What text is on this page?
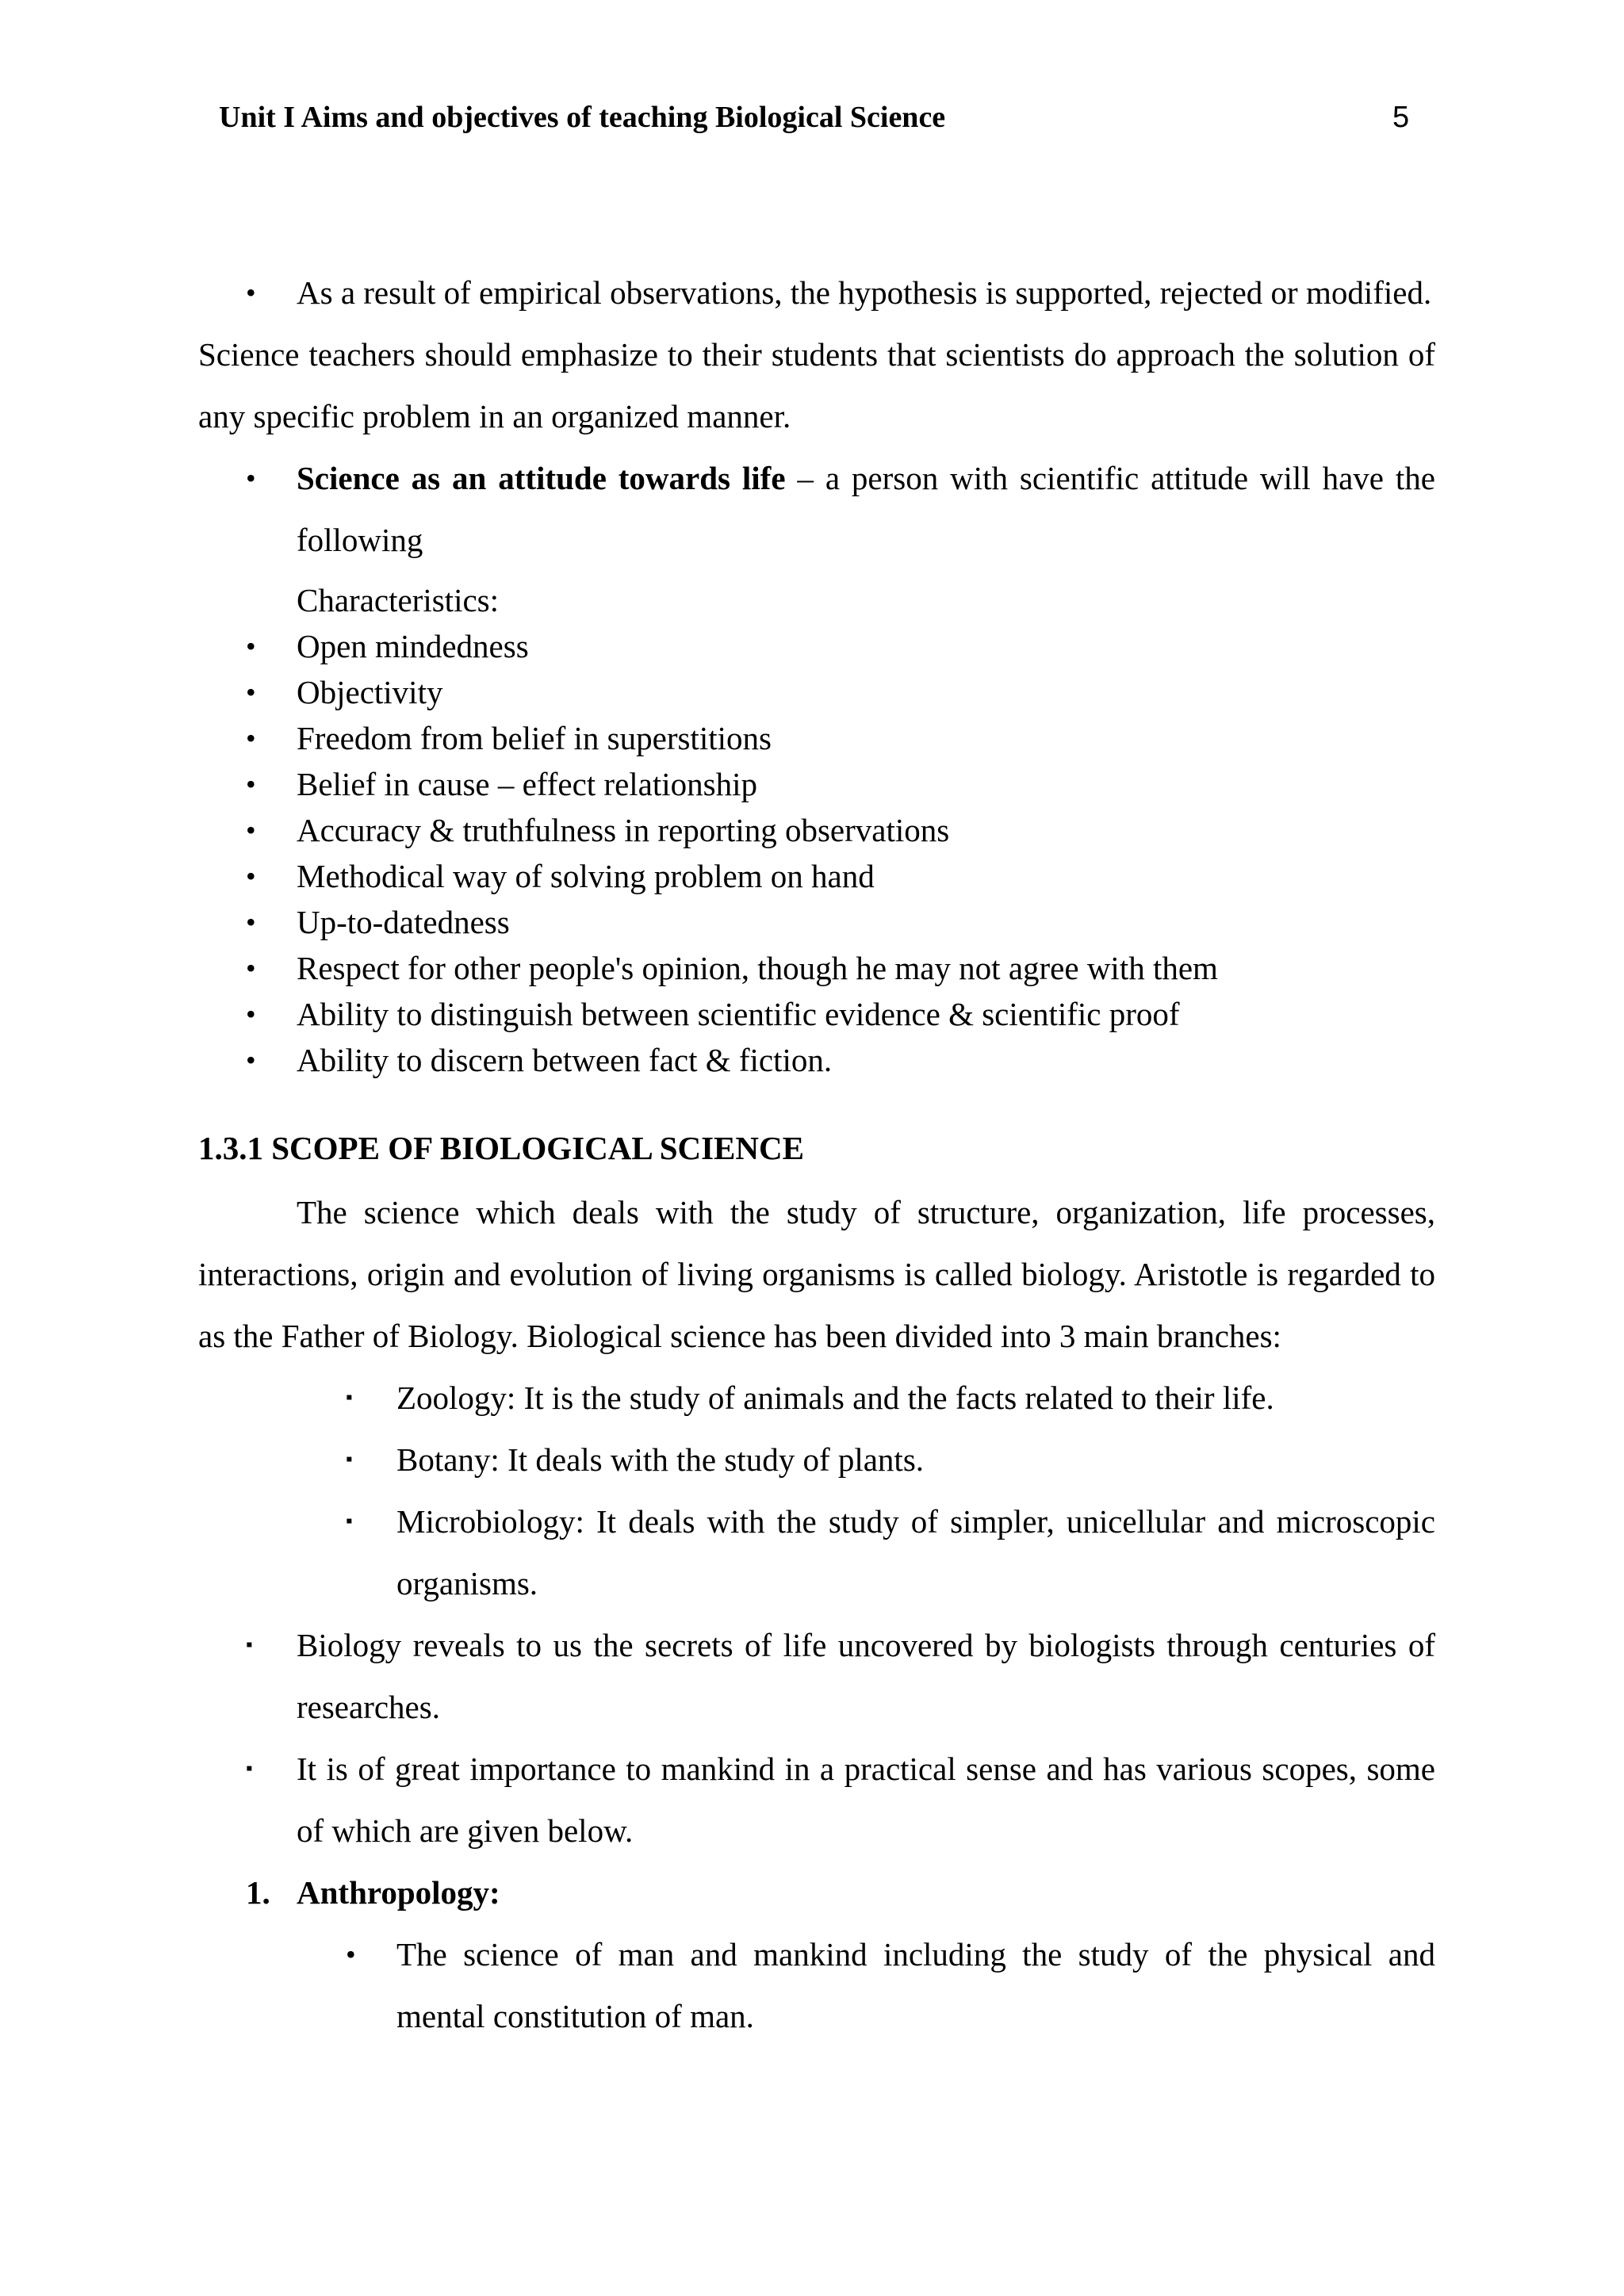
Unit I Aims and objectives of teaching Biological Science	5
• As a result of empirical observations, the hypothesis is supported, rejected or modified.
Science teachers should emphasize to their students that scientists do approach the solution of any specific problem in an organized manner.
• Science as an attitude towards life – a person with scientific attitude will have the following
Characteristics:
• Open mindedness
• Objectivity
• Freedom from belief in superstitions
• Belief in cause – effect relationship
• Accuracy & truthfulness in reporting observations
• Methodical way of solving problem on hand
• Up-to-datedness
• Respect for other people's opinion, though he may not agree with them
• Ability to distinguish between scientific evidence & scientific proof
• Ability to discern between fact & fiction.
1.3.1 SCOPE OF BIOLOGICAL SCIENCE
The science which deals with the study of structure, organization, life processes, interactions, origin and evolution of living organisms is called biology. Aristotle is regarded to as the Father of Biology. Biological science has been divided into 3 main branches:
▪ Zoology: It is the study of animals and the facts related to their life.
▪ Botany: It deals with the study of plants.
▪ Microbiology: It deals with the study of simpler, unicellular and microscopic organisms.
▪ Biology reveals to us the secrets of life uncovered by biologists through centuries of researches.
▪ It is of great importance to mankind in a practical sense and has various scopes, some of which are given below.
1. Anthropology:
• The science of man and mankind including the study of the physical and mental constitution of man.
